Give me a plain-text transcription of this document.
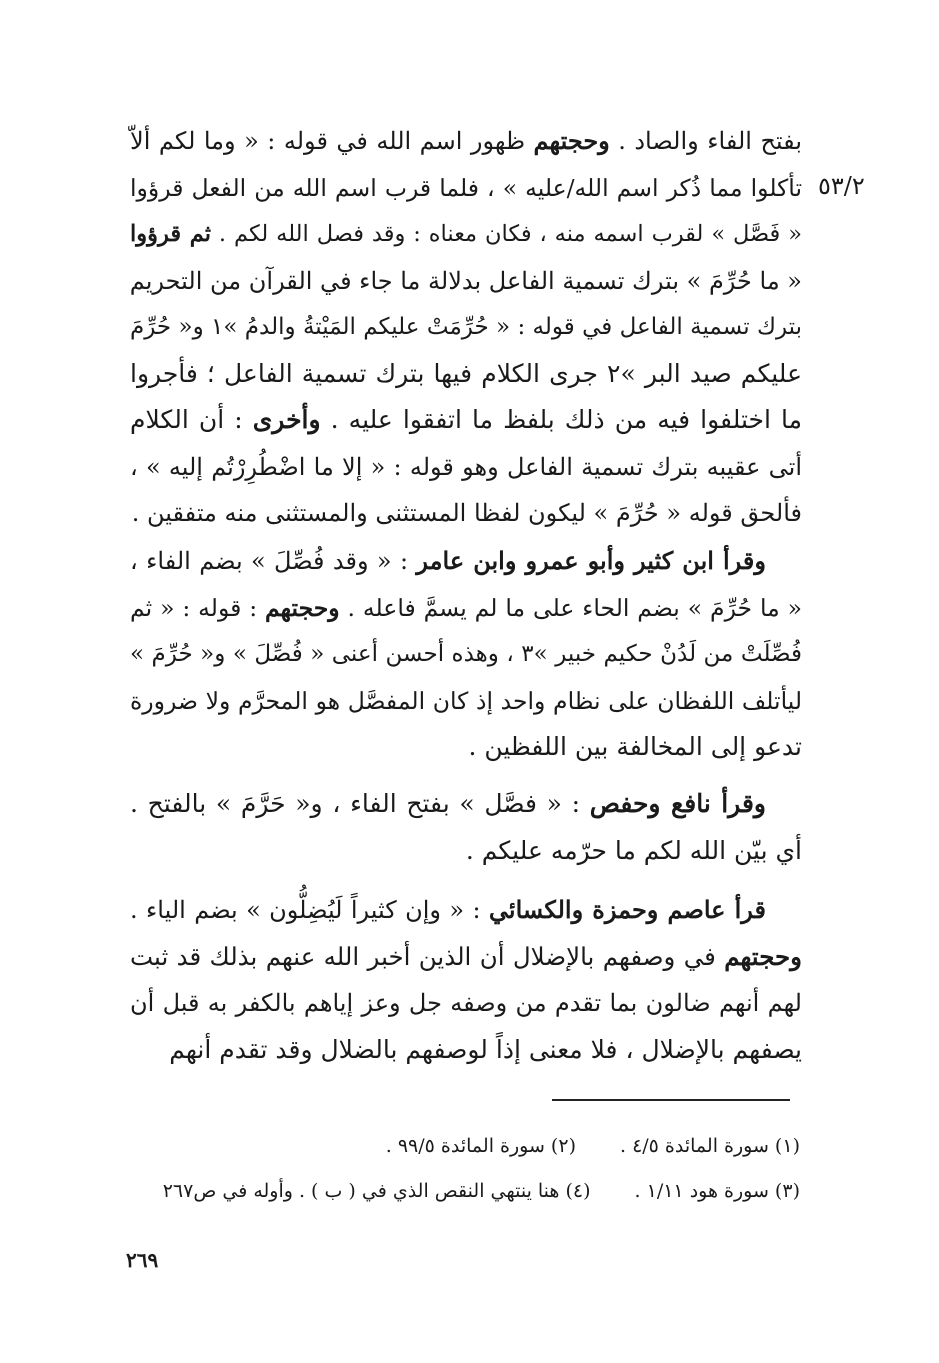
٥٣/٢
بفتح الفاء والصاد . وحجتهم ظهور اسم الله في قوله : « وما لكم ألاّ
تأكلوا مما ذُكر اسم الله/عليه » ، فلما قرب اسم الله من الفعل قرؤوا
« فَصَّل » لقرب اسمه منه ، فكان معناه : وقد فصل الله لكم . ثم قرؤوا
« ما حُرِّمَ » بترك تسمية الفاعل بدلالة ما جاء في القرآن من التحريم
بترك تسمية الفاعل في قوله : « حُرِّمَتْ عليكم المَيْتةُ والدمُ »١ و« حُرِّمَ
عليكم صيد البر »٢ جرى الكلام فيها بترك تسمية الفاعل ؛ فأجروا
ما اختلفوا فيه من ذلك بلفظ ما اتفقوا عليه . وأخرى : أن الكلام
أتى عقيبه بترك تسمية الفاعل وهو قوله : « إلا ما اضْطُرِرْتُم إليه » ،
فألحق قوله « حُرِّمَ » ليكون لفظا المستثنى والمستثنى منه متفقين .
وقرأ ابن كثير وأبو عمرو وابن عامر : « وقد فُصِّلَ » بضم الفاء ،
« ما حُرِّمَ » بضم الحاء على ما لم يسمَّ فاعله . وحجتهم : قوله : « ثم
فُصِّلَتْ من لَدُنْ حكيم خبير »٣ ، وهذه أحسن أعنى « فُصِّلَ » و« حُرِّمَ »
ليأتلف اللفظان على نظام واحد إذ كان المفصَّل هو المحرَّم ولا ضرورة
تدعو إلى المخالفة بين اللفظين .
وقرأ نافع وحفص : « فصَّل » بفتح الفاء ، و« حَرَّمَ » بالفتح .
أي بيّن الله لكم ما حرّمه عليكم .
قرأ عاصم وحمزة والكسائي : « وإن كثيراً لَيُضِلُّون » بضم الياء .
وحجتهم في وصفهم بالإضلال أن الذين أخبر الله عنهم بذلك قد ثبت
لهم أنهم ضالون بما تقدم من وصفه جل وعز إياهم بالكفر به قبل أن
يصفهم بالإضلال ، فلا معنى إذاً لوصفهم بالضلال وقد تقدم أنهم
(١) سورة المائدة ٤/٥ .(٢) سورة المائدة ٩٩/٥ .
(٣) سورة هود ١/١١ .(٤) هنا ينتهي النقص الذي في ( ب ) . وأوله في ص٢٦٧
٢٦٩
